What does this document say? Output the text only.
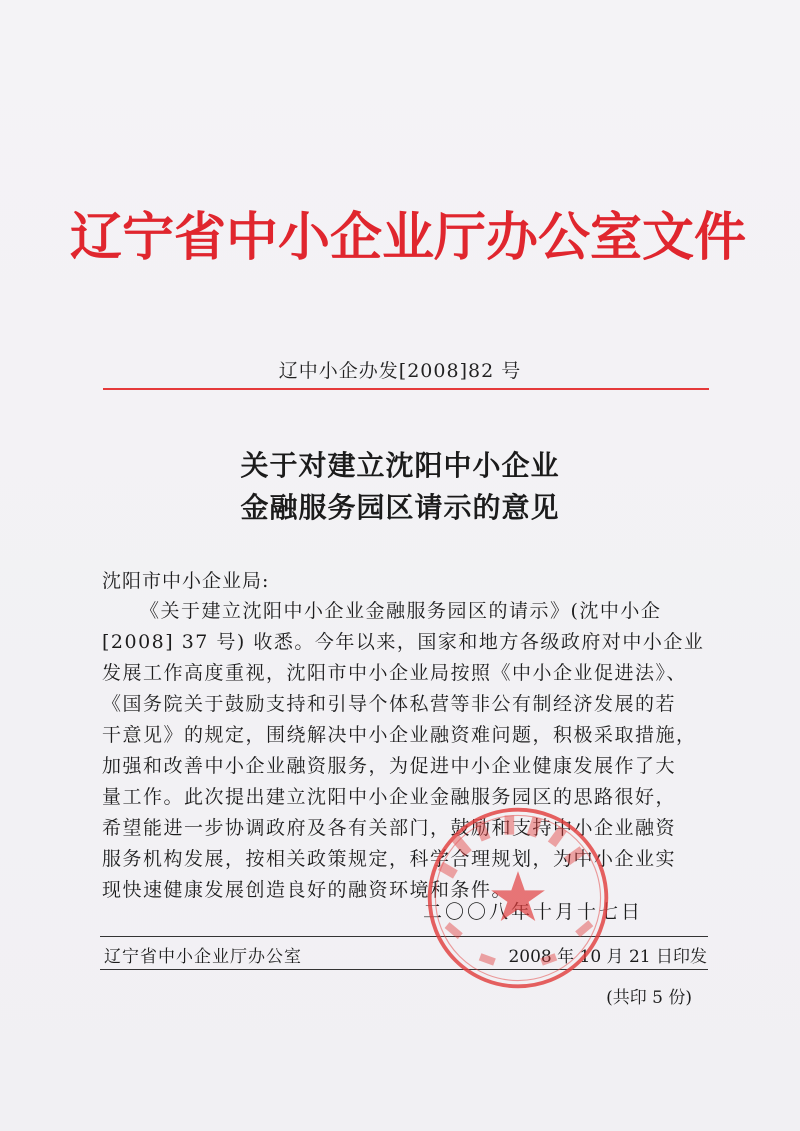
辽宁省中小企业厅办公室文件
辽中小企办发[2008]82 号
关于对建立沈阳中小企业
金融服务园区请示的意见
沈阳市中小企业局:
《关于建立沈阳中小企业金融服务园区的请示》(沈中小企
[2008] 37 号) 收悉。今年以来，国家和地方各级政府对中小企业
发展工作高度重视，沈阳市中小企业局按照《中小企业促进法》、
《国务院关于鼓励支持和引导个体私营等非公有制经济发展的若
干意见》的规定，围绕解决中小企业融资难问题，积极采取措施，
加强和改善中小企业融资服务，为促进中小企业健康发展作了大
量工作。此次提出建立沈阳中小企业金融服务园区的思路很好，
希望能进一步协调政府及各有关部门，鼓励和支持中小企业融资
服务机构发展，按相关政策规定，科学合理规划，为中小企业实
现快速健康发展创造良好的融资环境和条件。
二〇〇八年十月十七日
辽宁省中小企业厅办公室	2008 年 10 月 21 日印发
(共印 5 份)
